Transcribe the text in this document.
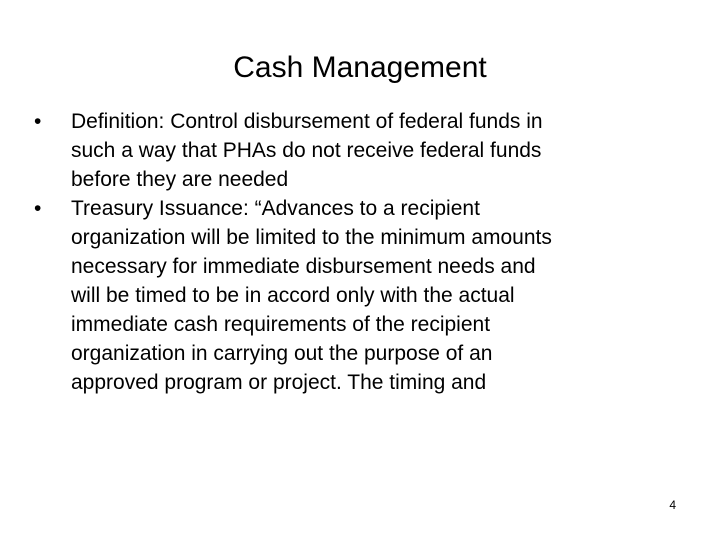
Cash Management
•	Definition: Control disbursement of federal funds in
such a way that PHAs do not receive federal funds
before they are needed
•	Treasury Issuance: “Advances to a recipient
organization will be limited to the minimum amounts
necessary for immediate disbursement needs and
will be timed to be in accord only with the actual
immediate cash requirements of the recipient
organization in carrying out the purpose of an
approved program or project. The timing and
4
